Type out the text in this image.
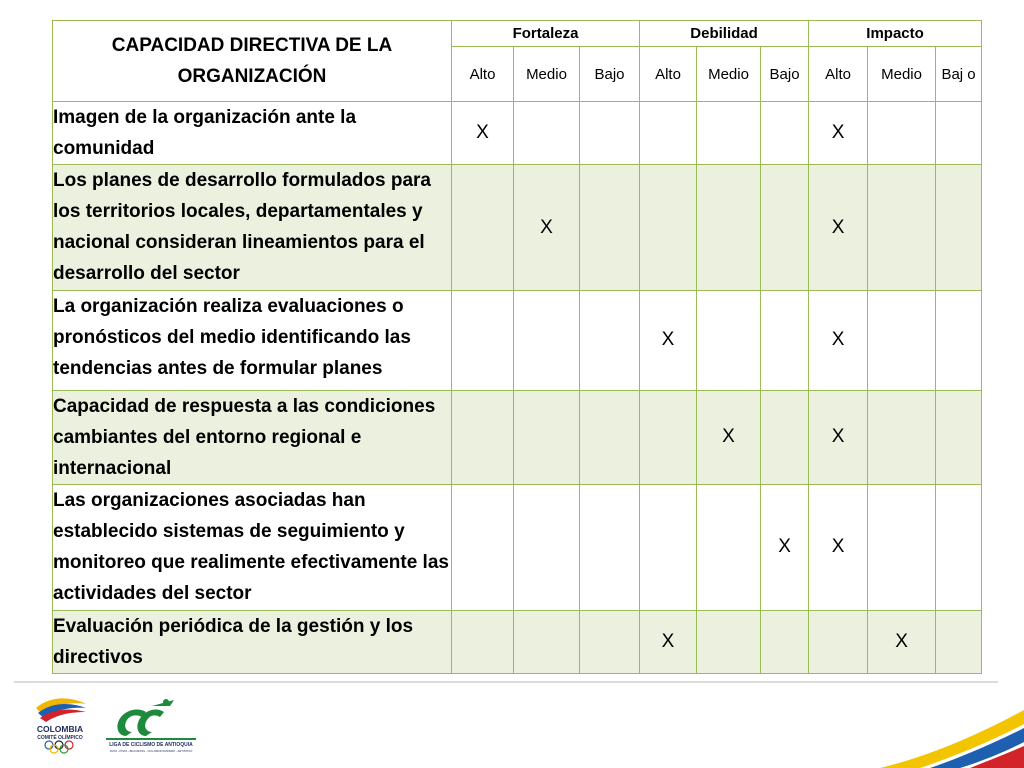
CAPACIDAD DIRECTIVA DE LA ORGANIZACIÓN	Fortaleza			Debilidad			Impacto		
	Alto	Medio	Bajo	Alto	Medio	Bajo	Alto	Medio	Baj o
Imagen de la organización ante la comunidad	X						X		
Los planes de desarrollo formulados para los territorios locales, departamentales y nacional consideran lineamientos para el desarrollo del sector		X					X		
La organización realiza evaluaciones o pronósticos del medio identificando las tendencias antes de formular planes				X			X		
Capacidad de respuesta a las condiciones cambiantes del entorno regional e internacional					X		X		
Las organizaciones asociadas han establecido sistemas de seguimiento y monitoreo que realimente efectivamente las actividades del sector						X	X		
Evaluación periódica de la gestión y los directivos				X				X	
COLOMBIA
COMITÉ OLÍMPICO
LIGA DE CICLISMO DE ANTIOQUIA
RUTA - PISTA - BICICROSS - CICLOMONTAÑISMO - ARTISTICO
